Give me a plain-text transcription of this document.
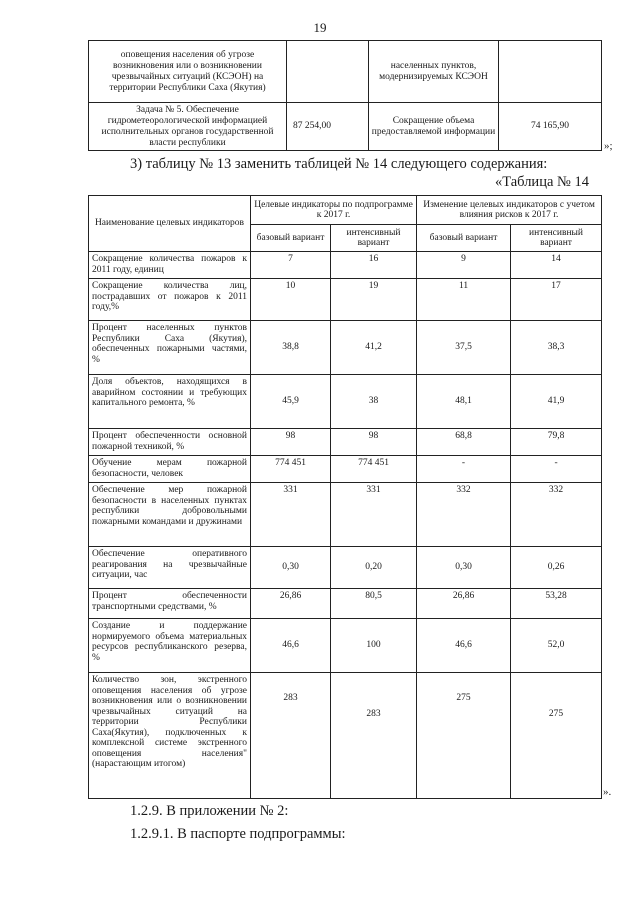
19
оповещения населения об угрозе возникновения или о возникновении чрезвычайных ситуаций (КСЭОН) на территории Республики Саха (Якутия)		населенных пунктов, модернизируемых КСЭОН	
Задача № 5. Обеспечение гидрометеорологической информацией исполнительных органов государственной власти республики	87 254,00	Сокращение объема предоставляемой информации	74 165,90
»;
3) таблицу № 13 заменить таблицей № 14 следующего содержания:
«Таблица № 14
Наименование целевых индикаторов	Целевые индикаторы по подпрограмме к 2017 г.		Изменение целевых индикаторов с учетом влияния рисков к 2017 г.	
	базовый вариант	интенсивный вариант	базовый вариант	интенсивный вариант
Сокращение количества пожаров к 2011 году, единиц	7	16	9	14
Сокращение количества лиц, пострадавших от пожаров к 2011 году,%	10	19	11	17
Процент населенных пунктов Республики Саха (Якутия), обеспеченных пожарными частями, %	38,8	41,2	37,5	38,3
Доля объектов, находящихся в аварийном состоянии и требующих капитального ремонта, %	45,9	38	48,1	41,9
Процент обеспеченности основной пожарной техникой, %	98	98	68,8	79,8
Обучение мерам пожарной безопасности, человек	774 451	774 451	-	-
Обеспечение мер пожарной безопасности в населенных пунктах республики добровольными пожарными командами и дружинами	331	331	332	332
Обеспечение оперативного реагирования на чрезвычайные ситуации, час	0,30	0,20	0,30	0,26
Процент обеспеченности транспортными средствами, %	26,86	80,5	26,86	53,28
Создание и поддержание нормируемого объема материальных ресурсов республиканского резерва, %	46,6	100	46,6	52,0
Количество зон, экстренного оповещения населения об угрозе возникновения или о возникновении чрезвычайных ситуаций на территории Республики Саха(Якутия), подключенных к комплексной системе экстренного оповещения населения"(нарастающим итогом)	283	283	275	275
».
1.2.9. В приложении № 2:
1.2.9.1. В паспорте подпрограммы:
